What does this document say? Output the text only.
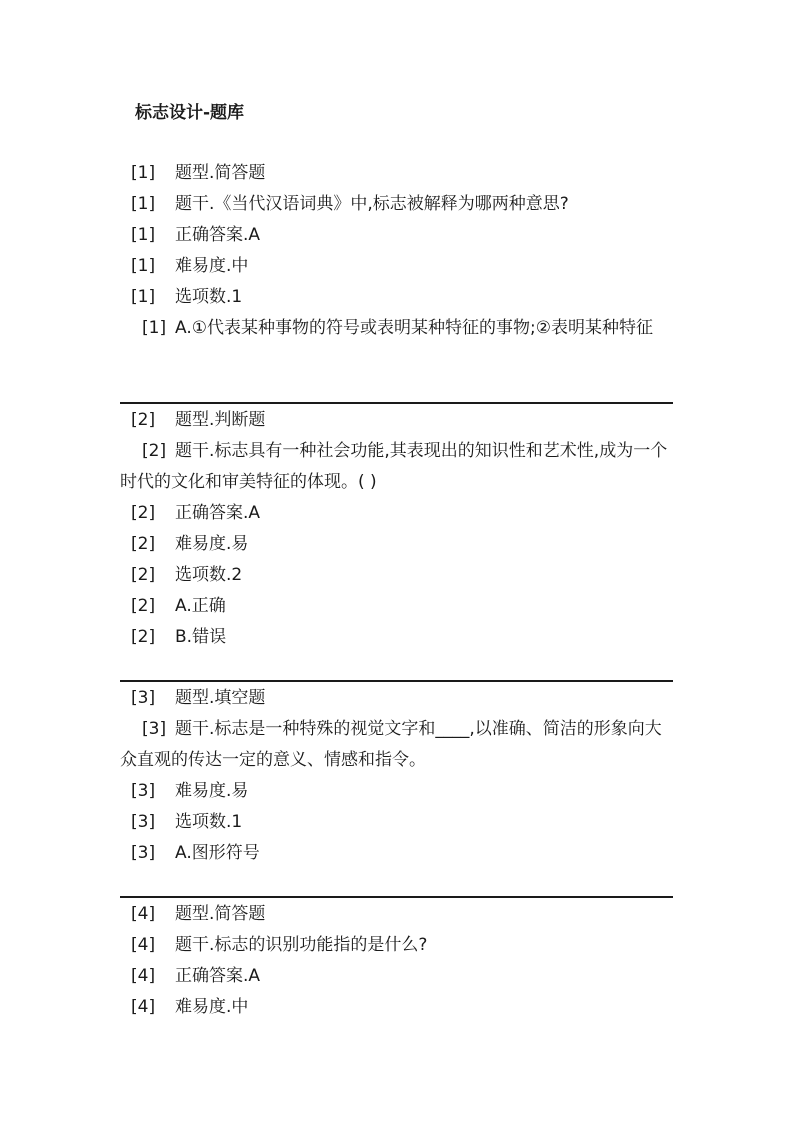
标志设计-题库
[1] 题型.简答题
[1] 题干.《当代汉语词典》中,标志被解释为哪两种意思?
[1] 正确答案.A
[1] 难易度.中
[1] 选项数.1
[1] A.①代表某种事物的符号或表明某种特征的事物;②表明某种特征
[2] 题型.判断题
[2] 题干.标志具有一种社会功能,其表现出的知识性和艺术性,成为一个时代的文化和审美特征的体现。( )
[2] 正确答案.A
[2] 难易度.易
[2] 选项数.2
[2] A.正确
[2] B.错误
[3] 题型.填空题
[3] 题干.标志是一种特殊的视觉文字和____,以准确、简洁的形象向大众直观的传达一定的意义、情感和指令。
[3] 难易度.易
[3] 选项数.1
[3] A.图形符号
[4] 题型.简答题
[4] 题干.标志的识别功能指的是什么?
[4] 正确答案.A
[4] 难易度.中
